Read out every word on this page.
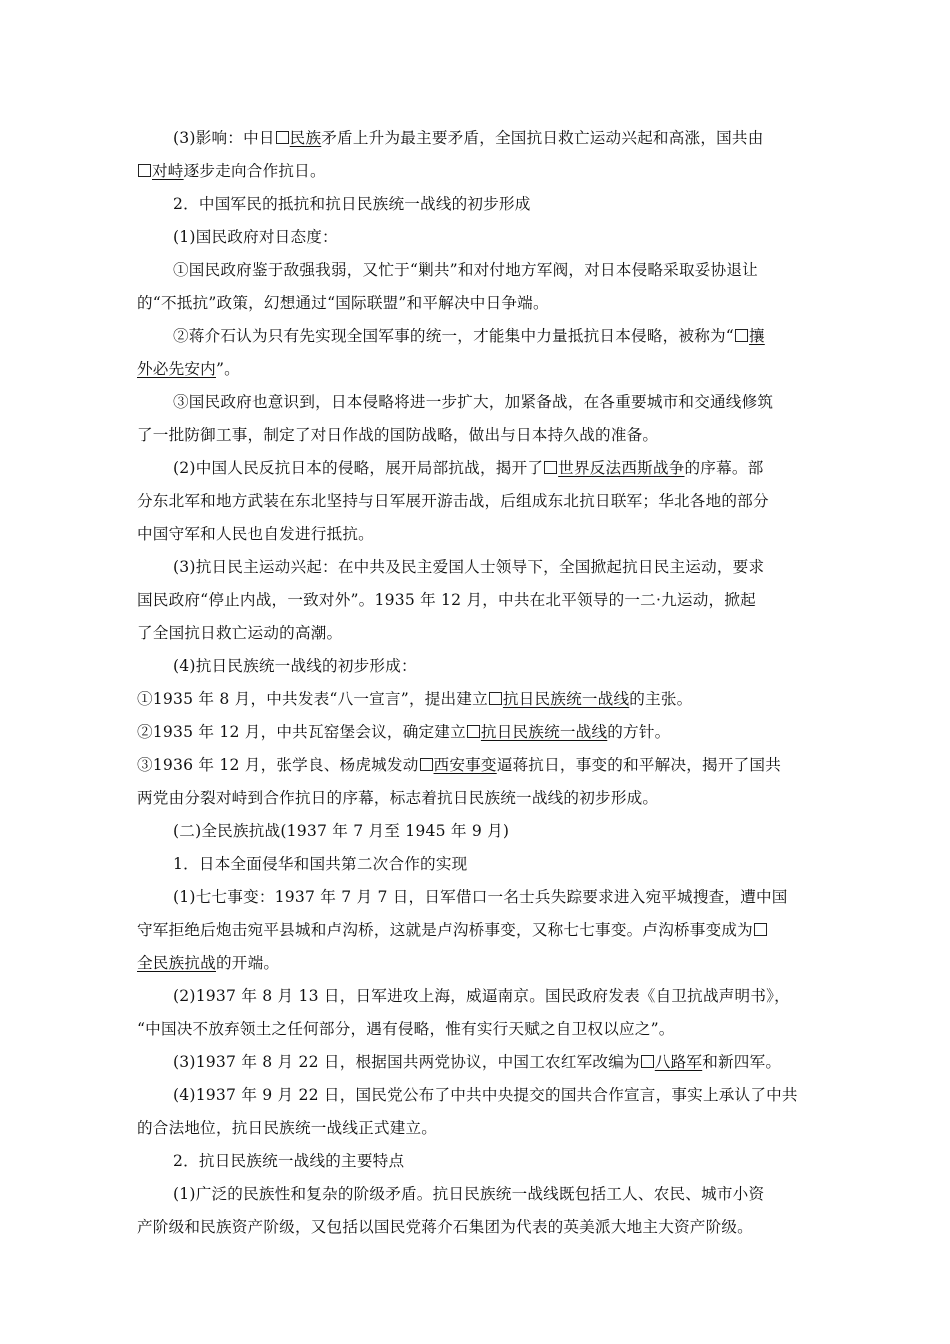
(3)影响：中日 民族矛盾上升为最主要矛盾，全国抗日救亡运动兴起和高涨，国共由

对峙逐步走向合作抗日。

2．中国军民的抵抗和抗日民族统一战线的初步形成

(1)国民政府对日态度：

①国民政府鉴于敌强我弱，又忙于“剿共”和对付地方军阀，对日本侵略采取妥协退让

的“不抵抗”政策，幻想通过“国际联盟”和平解决中日争端。

②蒋介石认为只有先实现全国军事的统一，才能集中力量抵抗日本侵略，被称为“ 攘

外必先安内”。

③国民政府也意识到，日本侵略将进一步扩大，加紧备战，在各重要城市和交通线修筑

了一批防御工事，制定了对日作战的国防战略，做出与日本持久战的准备。

(2)中国人民反抗日本的侵略，展开局部抗战，揭开了 世界反法西斯战争的序幕。部

分东北军和地方武装在东北坚持与日军展开游击战，后组成东北抗日联军；华北各地的部分

中国守军和人民也自发进行抵抗。

(3)抗日民主运动兴起：在中共及民主爱国人士领导下，全国掀起抗日民主运动，要求

国民政府“停止内战，一致对外”。1935 年 12 月，中共在北平领导的一二·九运动，掀起

了全国抗日救亡运动的高潮。

(4)抗日民族统一战线的初步形成：

①1935 年 8 月，中共发表“八一宣言”，提出建立 抗日民族统一战线的主张。

②1935 年 12 月，中共瓦窑堡会议，确定建立 抗日民族统一战线的方针。

③1936 年 12 月，张学良、杨虎城发动 西安事变逼蒋抗日，事变的和平解决，揭开了国共

两党由分裂对峙到合作抗日的序幕，标志着抗日民族统一战线的初步形成。

(二)全民族抗战(1937 年 7 月至 1945 年 9 月)

1．日本全面侵华和国共第二次合作的实现

(1)七七事变：1937 年 7 月 7 日，日军借口一名士兵失踪要求进入宛平城搜查，遭中国

守军拒绝后炮击宛平县城和卢沟桥，这就是卢沟桥事变，又称七七事变。卢沟桥事变成为

全民族抗战的开端。

(2)1937 年 8 月 13 日，日军进攻上海，威逼南京。国民政府发表《自卫抗战声明书》，

“中国决不放弃领土之任何部分，遇有侵略，惟有实行天赋之自卫权以应之”。

(3)1937 年 8 月 22 日，根据国共两党协议，中国工农红军改编为 八路军和新四军。

(4)1937 年 9 月 22 日，国民党公布了中共中央提交的国共合作宣言，事实上承认了中共

的合法地位，抗日民族统一战线正式建立。

2．抗日民族统一战线的主要特点

(1)广泛的民族性和复杂的阶级矛盾。抗日民族统一战线既包括工人、农民、城市小资

产阶级和民族资产阶级，又包括以国民党蒋介石集团为代表的英美派大地主大资产阶级。
